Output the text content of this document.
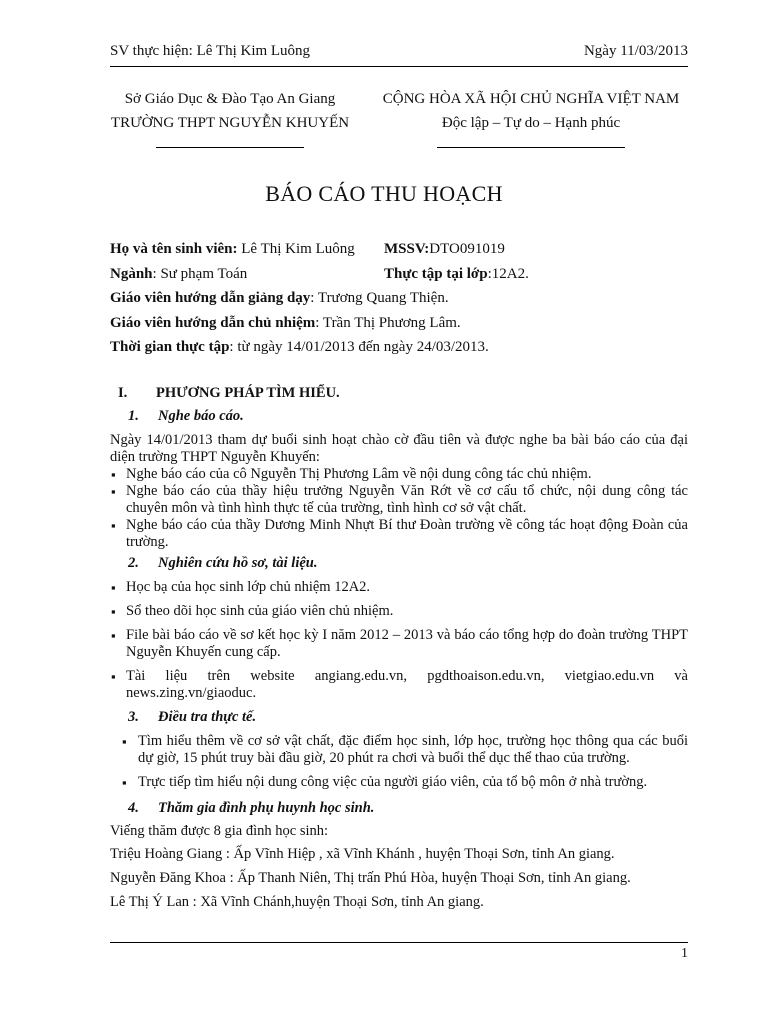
SV thực hiện: Lê Thị Kim Luông	Ngày 11/03/2013
Sở Giáo Dục & Đào Tạo An Giang
TRƯỜNG THPT NGUYỄN KHUYẾN
CỘNG HÒA XÃ HỘI CHỦ NGHĨA VIỆT NAM
Độc lập – Tự do – Hạnh phúc
BÁO CÁO THU HOẠCH
Họ và tên sinh viên: Lê Thị Kim Luông MSSV:DTO091019
Ngành: Sư phạm Toán	Thực tập tại lớp:12A2.
Giáo viên hướng dẫn giảng dạy: Trương Quang Thiện.
Giáo viên hướng dẫn chủ nhiệm: Trần Thị Phương Lâm.
Thời gian thực tập: từ ngày 14/01/2013 đến ngày 24/03/2013.
I. PHƯƠNG PHÁP TÌM HIỂU.
1. Nghe báo cáo.

Ngày 14/01/2013 tham dự buổi sinh hoạt chào cờ đầu tiên và được nghe ba bài báo cáo của đại diện trường THPT Nguyễn Khuyến:

▪ Nghe báo cáo của cô Nguyễn Thị Phương Lâm về nội dung công tác chủ nhiệm.
▪ Nghe báo cáo của thầy hiệu trưởng Nguyễn Văn Rớt về cơ cấu tổ chức, nội dung công tác chuyên môn và tình hình thực tế của trường, tình hình cơ sở vật chất.
▪ Nghe báo cáo của thầy Dương Minh Nhựt Bí thư Đoàn trường về công tác hoạt động Đoàn của trường.
2. Nghiên cứu hồ sơ, tài liệu.
▪ Học bạ của học sinh lớp chủ nhiệm 12A2.
▪ Sổ theo dõi học sinh của giáo viên chủ nhiệm.
▪ File bài báo cáo về sơ kết học kỳ I năm 2012 – 2013 và báo cáo tổng hợp do đoàn trường THPT Nguyễn Khuyến cung cấp.
▪ Tài liệu trên website angiang.edu.vn, pgdthoaison.edu.vn, vietgiao.edu.vn và news.zing.vn/giaoduc.
3. Điều tra thực tế.
▪ Tìm hiểu thêm về cơ sở vật chất, đặc điểm học sinh, lớp học, trường học thông qua các buổi dự giờ, 15 phút truy bài đầu giờ, 20 phút ra chơi và buổi thể dục thể thao của trường.
▪ Trực tiếp tìm hiểu nội dung công việc của người giáo viên, của tổ bộ môn ở nhà trường.
4. Thăm gia đình phụ huynh học sinh.

Viếng thăm được 8 gia đình học sinh:

Triệu Hoàng Giang : Ấp Vĩnh Hiệp , xã Vĩnh Khánh , huyện Thoại Sơn, tỉnh An giang.

Nguyễn Đăng Khoa : Ấp Thanh Niên, Thị trấn Phú Hòa, huyện Thoại Sơn, tỉnh An giang.

Lê Thị Ý Lan : Xã Vĩnh Chánh,huyện Thoại Sơn, tỉnh An giang.

1
